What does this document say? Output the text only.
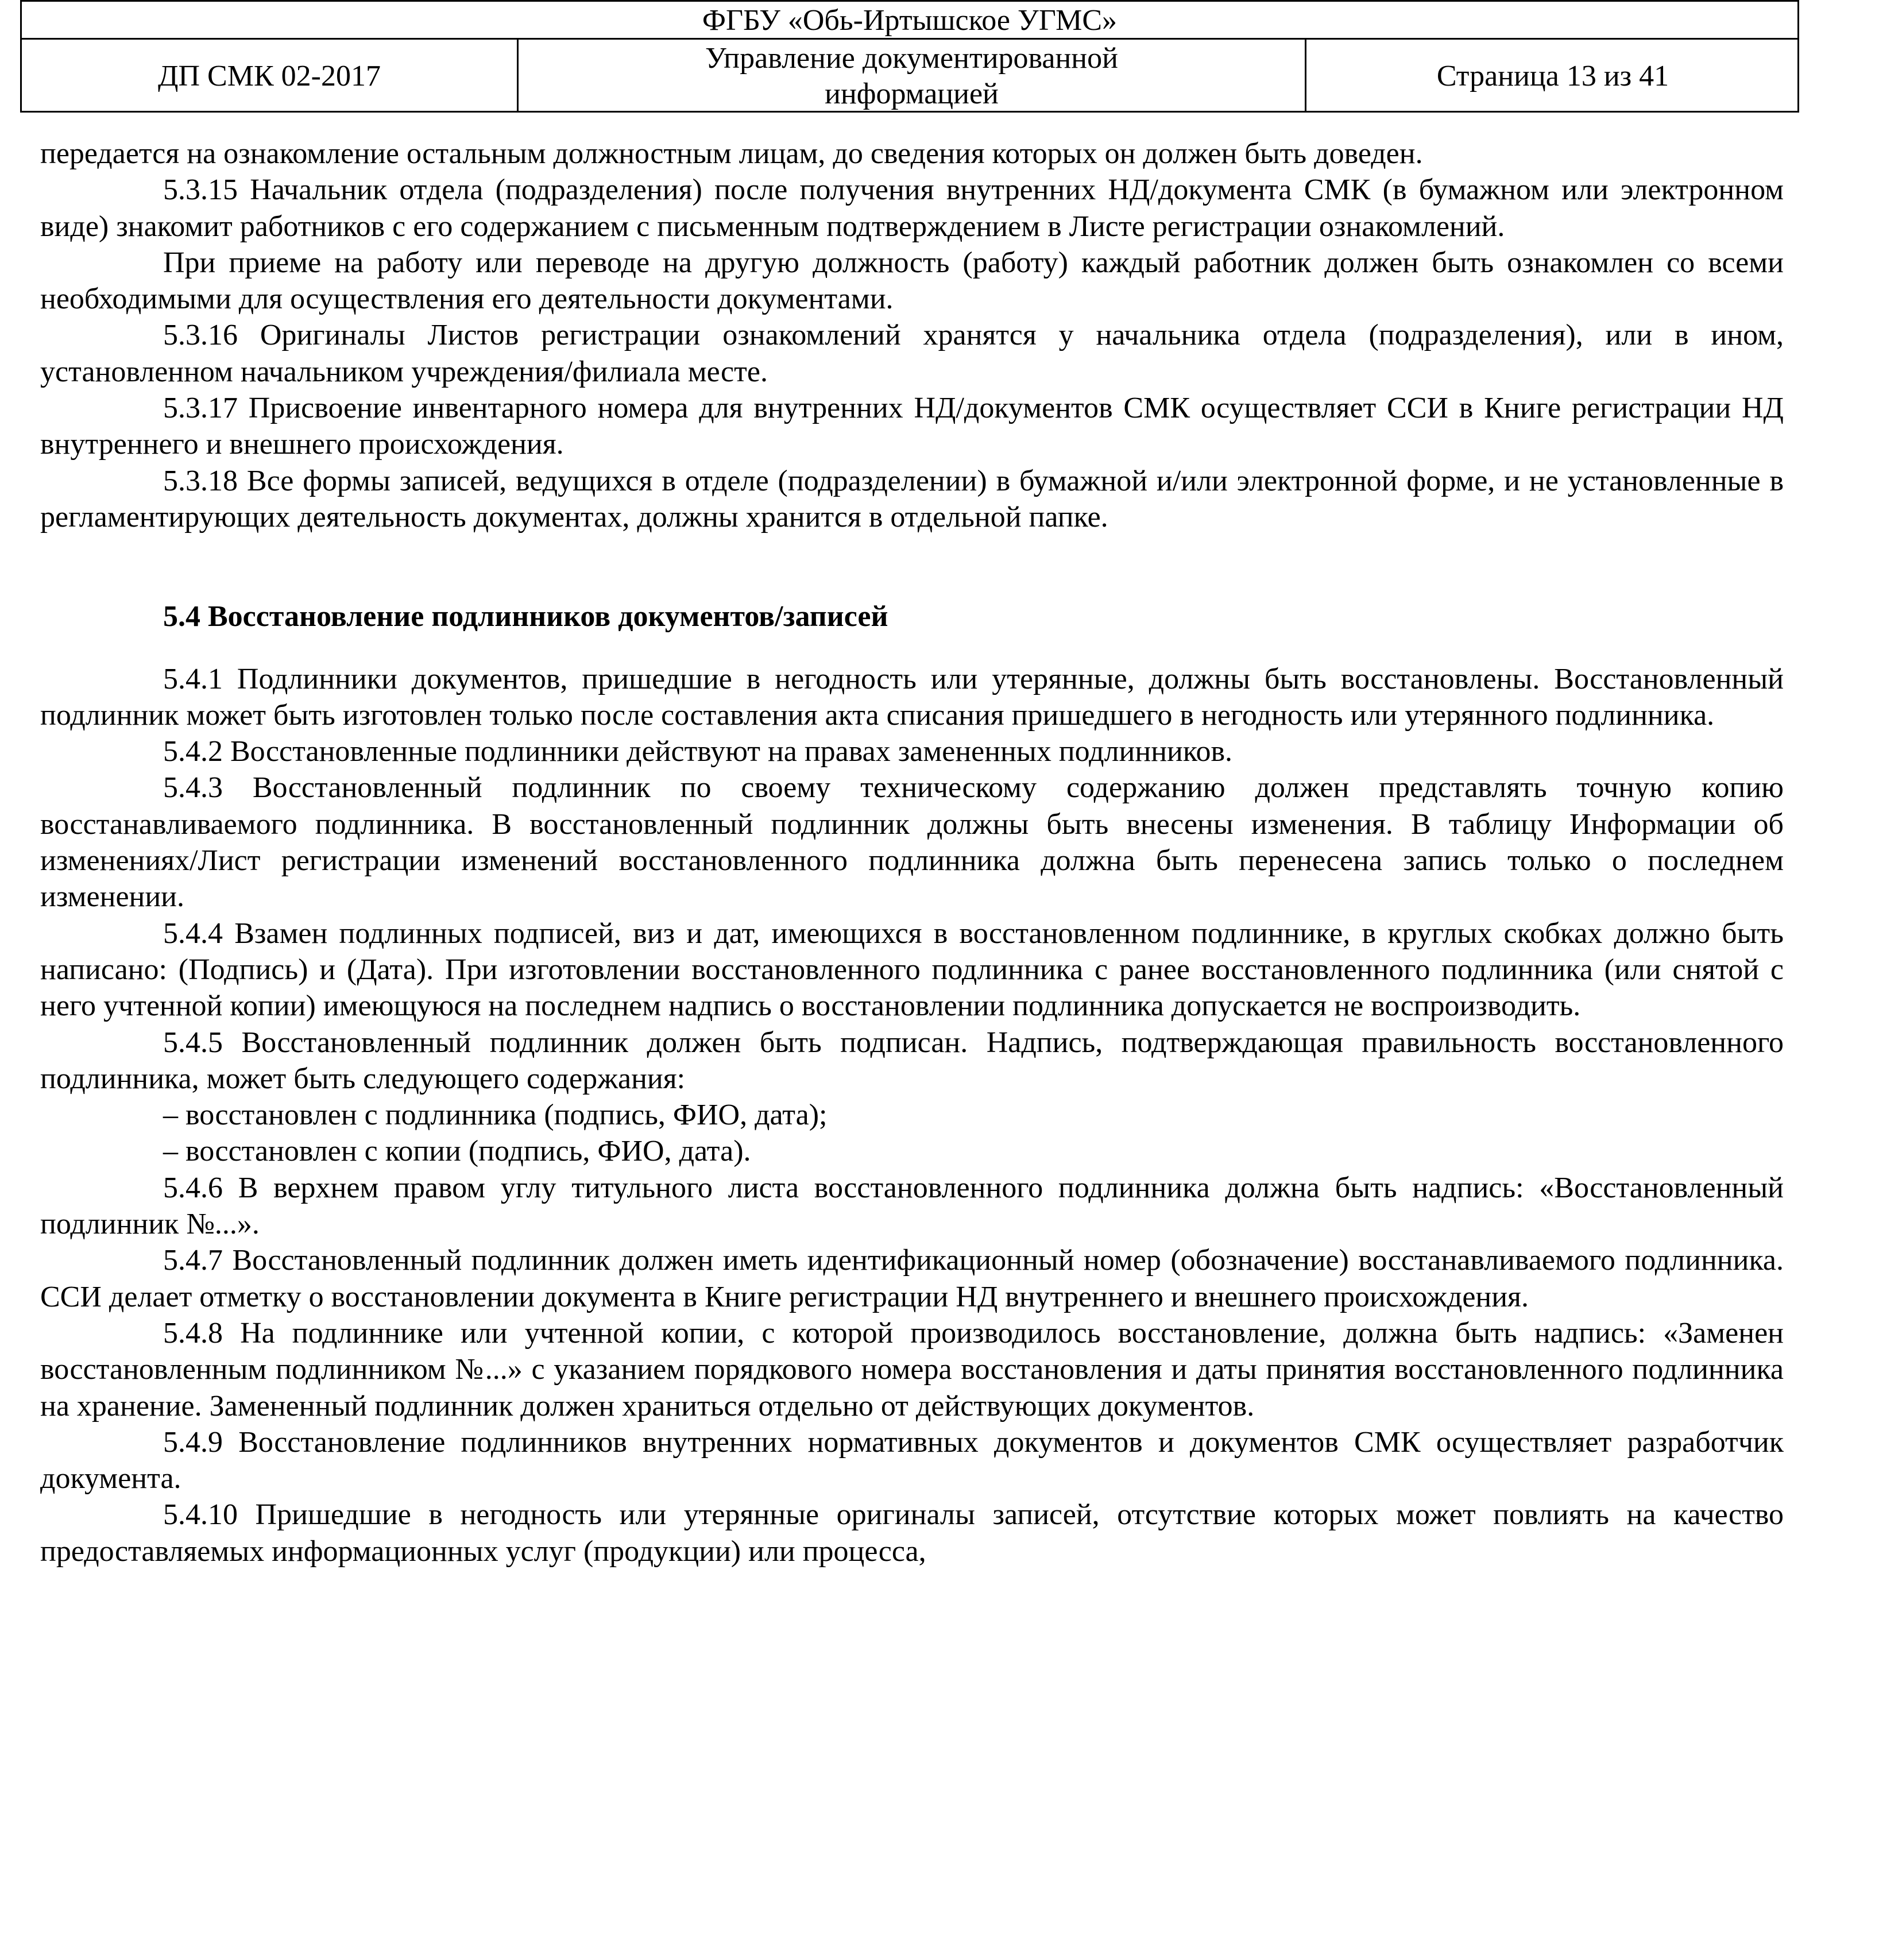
ФГБУ «Обь-Иртышское УГМС»
ДП СМК 02-2017
Управление документированной
информацией
Страница 13 из 41

передается на ознакомление остальным должностным лицам, до сведения которых он должен быть доведен.

5.3.15 Начальник отдела (подразделения) после получения внутренних НД/документа СМК (в бумажном или электронном виде) знакомит работников с его содержанием с письменным подтверждением в Листе регистрации ознакомлений.

При приеме на работу или переводе на другую должность (работу) каждый работник должен быть ознакомлен со всеми необходимыми для осуществления его деятельности документами.

5.3.16 Оригиналы Листов регистрации ознакомлений хранятся у начальника отдела (подразделения), или в ином, установленном начальником учреждения/филиала месте.

5.3.17 Присвоение инвентарного номера для внутренних НД/документов СМК осуществляет ССИ в Книге регистрации НД внутреннего и внешнего происхождения.

5.3.18 Все формы записей, ведущихся в отделе (подразделении) в бумажной и/или электронной форме, и не установленные в регламентирующих деятельность документах, должны хранится в отдельной папке.

5.4 Восстановление подлинников документов/записей

5.4.1 Подлинники документов, пришедшие в негодность или утерянные, должны быть восстановлены. Восстановленный подлинник может быть изготовлен только после составления акта списания пришедшего в негодность или утерянного подлинника.

5.4.2 Восстановленные подлинники действуют на правах замененных подлинников.

5.4.3 Восстановленный подлинник по своему техническому содержанию должен представлять точную копию восстанавливаемого подлинника. В восстановленный подлинник должны быть внесены изменения. В таблицу Информации об изменениях/Лист регистрации изменений восстановленного подлинника должна быть перенесена запись только о последнем изменении.

5.4.4 Взамен подлинных подписей, виз и дат, имеющихся в восстановленном подлиннике, в круглых скобках должно быть написано: (Подпись) и (Дата). При изготовлении восстановленного подлинника с ранее восстановленного подлинника (или снятой с него учтенной копии) имеющуюся на последнем надпись о восстановлении подлинника допускается не воспроизводить.

5.4.5 Восстановленный подлинник должен быть подписан. Надпись, подтверждающая правильность восстановленного подлинника, может быть следующего содержания:

– восстановлен с подлинника (подпись, ФИО, дата);

– восстановлен с копии (подпись, ФИО, дата).

5.4.6 В верхнем правом углу титульного листа восстановленного подлинника должна быть надпись: «Восстановленный подлинник №...».

5.4.7 Восстановленный подлинник должен иметь идентификационный номер (обозначение) восстанавливаемого подлинника. ССИ делает отметку о восстановлении документа в Книге регистрации НД внутреннего и внешнего происхождения.

5.4.8 На подлиннике или учтенной копии, с которой производилось восстановление, должна быть надпись: «Заменен восстановленным подлинником №...» с указанием порядкового номера восстановления и даты принятия восстановленного подлинника на хранение. Замененный подлинник должен храниться отдельно от действующих документов.

5.4.9 Восстановление подлинников внутренних нормативных документов и документов СМК осуществляет разработчик документа.

5.4.10 Пришедшие в негодность или утерянные оригиналы записей, отсутствие которых может повлиять на качество предоставляемых информационных услуг (продукции) или процесса,
